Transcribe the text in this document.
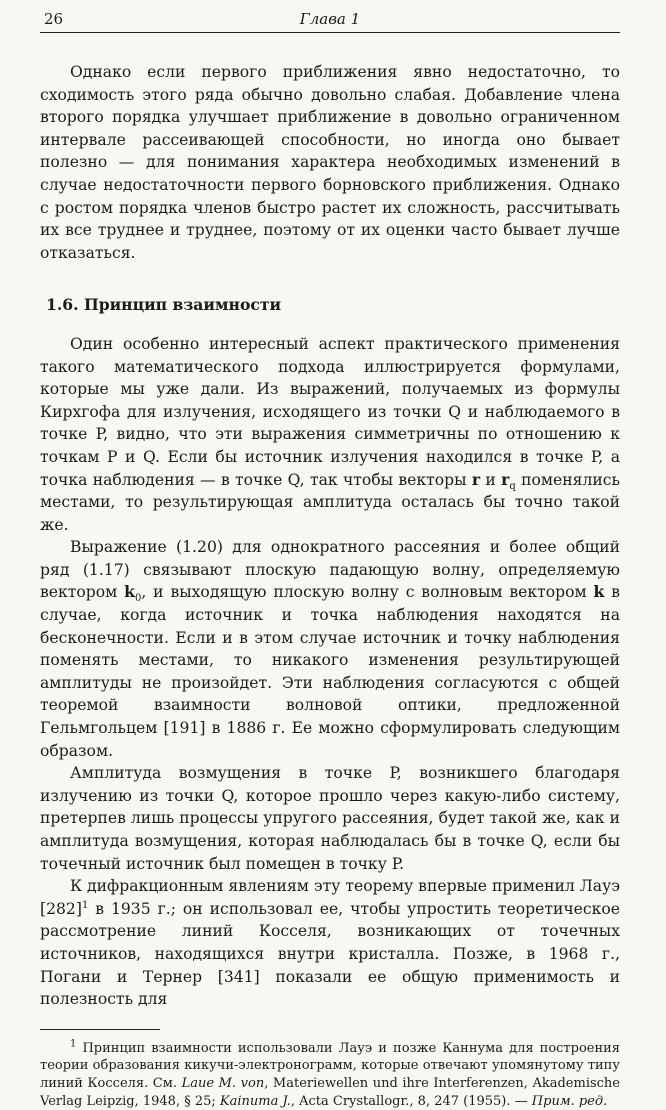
26	Глава 1

Однако если первого приближения явно недостаточно, то сходимость этого ряда обычно довольно слабая. Добавление члена второго порядка улучшает приближение в довольно ограниченном интервале рассеивающей способности, но иногда оно бывает полезно — для понимания характера необходимых изменений в случае недостаточности первого борновского приближения. Однако с ростом порядка членов быстро растет их сложность, рассчитывать их все труднее и труднее, поэтому от их оценки часто бывает лучше отказаться.

1.6. Принцип взаимности

Один особенно интересный аспект практического применения такого математического подхода иллюстрируется формулами, которые мы уже дали. Из выражений, получаемых из формулы Кирхгофа для излучения, исходящего из точки Q и наблюдаемого в точке P, видно, что эти выражения симметричны по отношению к точкам P и Q. Если бы источник излучения находился в точке P, а точка наблюдения — в точке Q, так чтобы векторы r и $r_q$ поменялись местами, то результирующая амплитуда осталась бы точно такой же.

Выражение (1.20) для однократного рассеяния и более общий ряд (1.17) связывают плоскую падающую волну, определяемую вектором $k_0$, и выходящую плоскую волну с волновым вектором k в случае, когда источник и точка наблюдения находятся на бесконечности. Если и в этом случае источник и точку наблюдения поменять местами, то никакого изменения результирующей амплитуды не произойдет. Эти наблюдения согласуются с общей теоремой взаимности волновой оптики, предложенной Гельмгольцем [191] в 1886 г. Ее можно сформулировать следующим образом.

Амплитуда возмущения в точке P, возникшего благодаря излучению из точки Q, которое прошло через какую-либо систему, претерпев лишь процессы упругого рассеяния, будет такой же, как и амплитуда возмущения, которая наблюдалась бы в точке Q, если бы точечный источник был помещен в точку P.

К дифракционным явлениям эту теорему впервые применил Лауэ $[282]^1$ в 1935 г.; он использовал ее, чтобы упростить теоретическое рассмотрение линий Косселя, возникающих от точечных источников, находящихся внутри кристалла. Позже, в 1968 г., Погани и Тернер [341] показали ее общую применимость и полезность для

$^1$ Принцип взаимности использовали Лауэ и позже Каннума для построения теории образования кикучи-электронограмм, которые отвечают упомянутому типу линий Косселя. См. Laue M. von, Materiewellen und ihre Interferenzen, Akademische Verlag Leipzig, 1948, § 25; Kainuma J., Acta Crystallogr., 8, 247 (1955). — Прим. ред.
